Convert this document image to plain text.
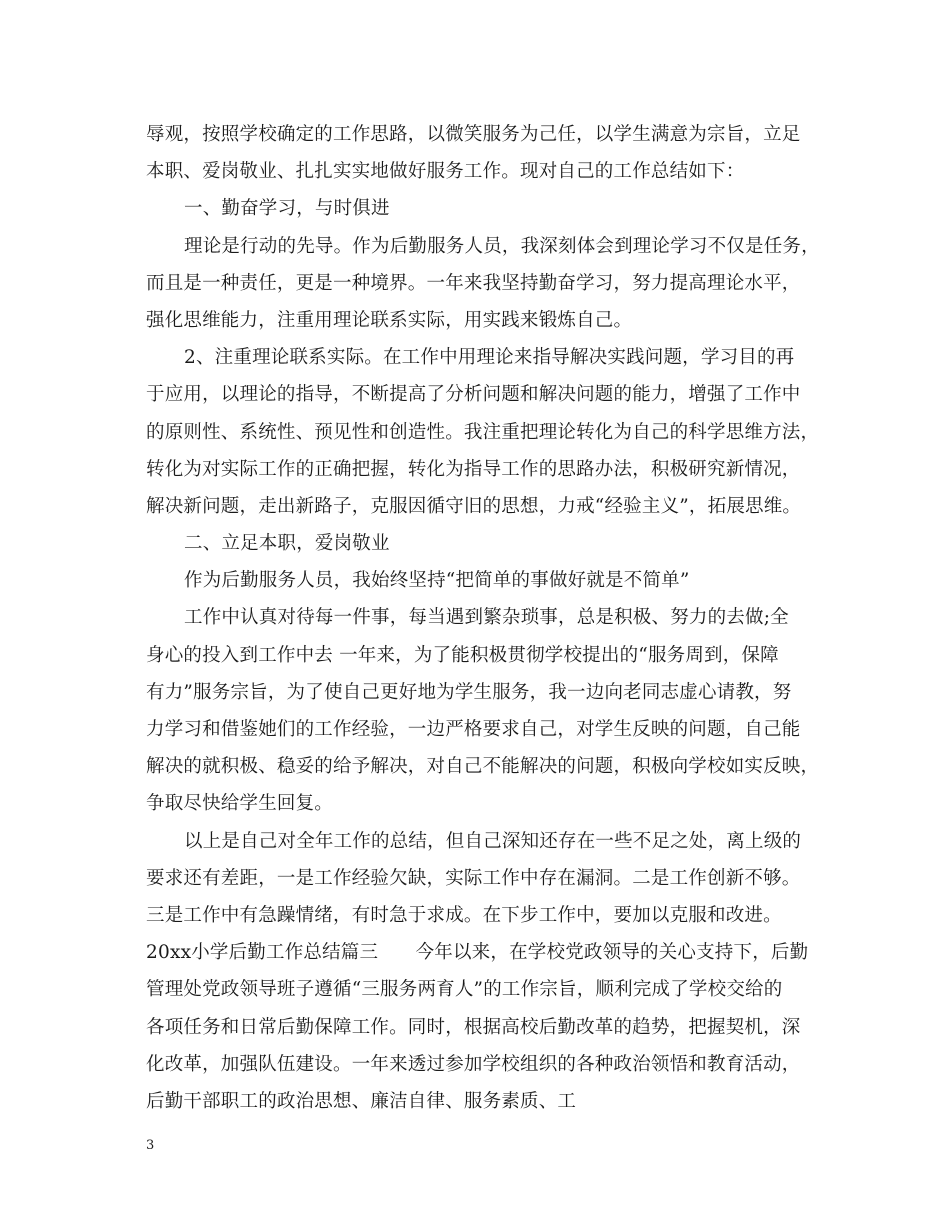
辱观，按照学校确定的工作思路，以微笑服务为己任，以学生满意为宗旨，立足
本职、爱岗敬业、扎扎实实地做好服务工作。现对自己的工作总结如下：
一、勤奋学习，与时俱进
理论是行动的先导。作为后勤服务人员，我深刻体会到理论学习不仅是任务，
而且是一种责任，更是一种境界。一年来我坚持勤奋学习，努力提高理论水平，
强化思维能力，注重用理论联系实际，用实践来锻炼自己。
2、注重理论联系实际。在工作中用理论来指导解决实践问题，学习目的再
于应用，以理论的指导，不断提高了分析问题和解决问题的能力，增强了工作中
的原则性、系统性、预见性和创造性。我注重把理论转化为自己的科学思维方法，
转化为对实际工作的正确把握，转化为指导工作的思路办法，积极研究新情况，
解决新问题，走出新路子，克服因循守旧的思想，力戒“经验主义”，拓展思维。
二、立足本职，爱岗敬业
作为后勤服务人员，我始终坚持“把简单的事做好就是不简单”
工作中认真对待每一件事，每当遇到繁杂琐事，总是积极、努力的去做;全
身心的投入到工作中去 一年来，为了能积极贯彻学校提出的“服务周到，保障
有力”服务宗旨，为了使自己更好地为学生服务，我一边向老同志虚心请教，努
力学习和借鉴她们的工作经验，一边严格要求自己，对学生反映的问题，自己能
解决的就积极、稳妥的给予解决，对自己不能解决的问题，积极向学校如实反映，
争取尽快给学生回复。
以上是自己对全年工作的总结，但自己深知还存在一些不足之处，离上级的
要求还有差距，一是工作经验欠缺，实际工作中存在漏洞。二是工作创新不够。
三是工作中有急躁情绪，有时急于求成。在下步工作中，要加以克服和改进。
20xx小学后勤工作总结篇三　　今年以来，在学校党政领导的关心支持下，后勤
管理处党政领导班子遵循“三服务两育人”的工作宗旨，顺利完成了学校交给的
各项任务和日常后勤保障工作。同时，根据高校后勤改革的趋势，把握契机，深
化改革，加强队伍建设。一年来透过参加学校组织的各种政治领悟和教育活动，
后勤干部职工的政治思想、廉洁自律、服务素质、工
3
